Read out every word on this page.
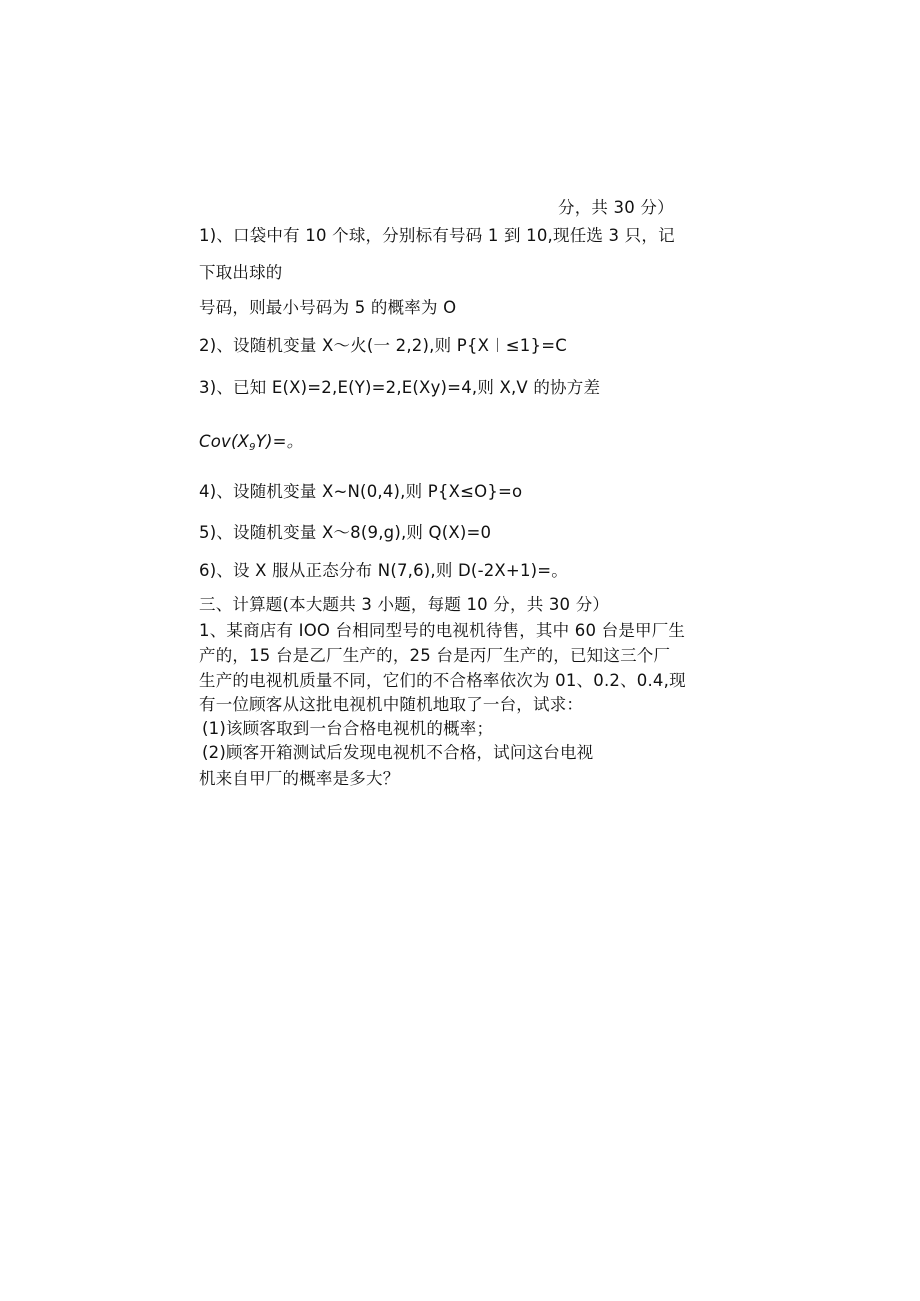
分，共 30 分）
1)、口袋中有 10 个球，分别标有号码 1 到 10,现任选 3 只，记
下取出球的
号码，则最小号码为 5 的概率为 O
2)、设随机变量 X～火(一 2,2),则 P{X︱≤1}=C
3)、已知 E(X)=2,E(Y)=2,E(Xy)=4,则 X,V 的协方差
$Cov(X_9Y)=$。
4)、设随机变量 X~N(0,4),则 P{X≤O}=o
5)、设随机变量 X～8(9,g),则 Q(X)=0
6)、设 X 服从正态分布 N(7,6),则 D(-2X+1)=。
三、计算题(本大题共 3 小题，每题 10 分，共 30 分）
1、某商店有 IOO 台相同型号的电视机待售，其中 60 台是甲厂生
产的，15 台是乙厂生产的，25 台是丙厂生产的，已知这三个厂
生产的电视机质量不同，它们的不合格率依次为 01、0.2、0.4,现
有一位顾客从这批电视机中随机地取了一台，试求：
(1)该顾客取到一台合格电视机的概率；
(2)顾客开箱测试后发现电视机不合格，试问这台电视
机来自甲厂的概率是多大？
